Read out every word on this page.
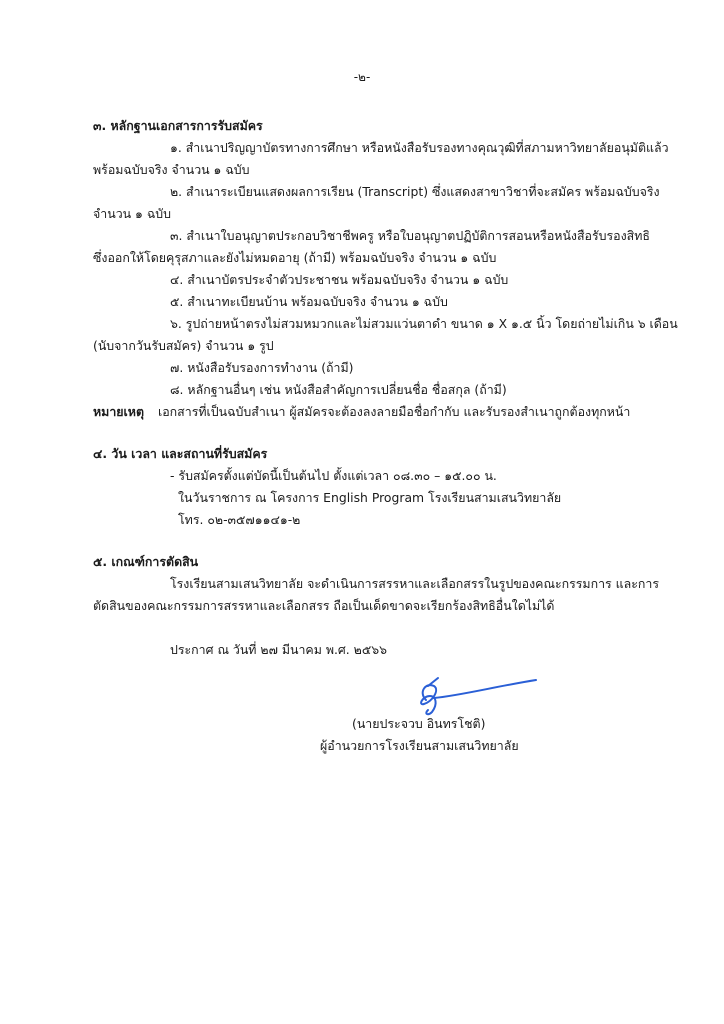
-๒-
๓. หลักฐานเอกสารการรับสมัคร
๑. สำเนาปริญญาบัตรทางการศึกษา หรือหนังสือรับรองทางคุณวุฒิที่สภามหาวิทยาลัยอนุมัติแล้ว
พร้อมฉบับจริง จำนวน ๑ ฉบับ
๒. สำเนาระเบียนแสดงผลการเรียน (Transcript) ซึ่งแสดงสาขาวิชาที่จะสมัคร พร้อมฉบับจริง
จำนวน ๑ ฉบับ
๓. สำเนาใบอนุญาตประกอบวิชาชีพครู หรือใบอนุญาตปฏิบัติการสอนหรือหนังสือรับรองสิทธิ
ซึ่งออกให้โดยคุรุสภาและยังไม่หมดอายุ (ถ้ามี) พร้อมฉบับจริง จำนวน ๑ ฉบับ
๔. สำเนาบัตรประจำตัวประชาชน พร้อมฉบับจริง จำนวน ๑ ฉบับ
๕. สำเนาทะเบียนบ้าน พร้อมฉบับจริง จำนวน ๑ ฉบับ
๖. รูปถ่ายหน้าตรงไม่สวมหมวกและไม่สวมแว่นตาดำ ขนาด ๑ X ๑.๕ นิ้ว โดยถ่ายไม่เกิน ๖ เดือน
(นับจากวันรับสมัคร) จำนวน ๑ รูป
๗. หนังสือรับรองการทำงาน (ถ้ามี)
๘. หลักฐานอื่นๆ เช่น หนังสือสำคัญการเปลี่ยนชื่อ ชื่อสกุล (ถ้ามี)
หมายเหตุ เอกสารที่เป็นฉบับสำเนา ผู้สมัครจะต้องลงลายมือชื่อกำกับ และรับรองสำเนาถูกต้องทุกหน้า
๔. วัน เวลา และสถานที่รับสมัคร
- รับสมัครตั้งแต่บัดนี้เป็นต้นไป ตั้งแต่เวลา ๐๘.๓๐ – ๑๕.๐๐ น.
ในวันราชการ ณ โครงการ English Program โรงเรียนสามเสนวิทยาลัย
โทร. ๐๒-๓๕๗๑๑๔๑-๒
๕. เกณฑ์การตัดสิน
โรงเรียนสามเสนวิทยาลัย จะดำเนินการสรรหาและเลือกสรรในรูปของคณะกรรมการ และการ
ตัดสินของคณะกรรมการสรรหาและเลือกสรร ถือเป็นเด็ดขาดจะเรียกร้องสิทธิอื่นใดไม่ได้
ประกาศ ณ วันที่ ๒๗ มีนาคม พ.ศ. ๒๕๖๖
(นายประจวบ อินทรโชติ)
ผู้อำนวยการโรงเรียนสามเสนวิทยาลัย
